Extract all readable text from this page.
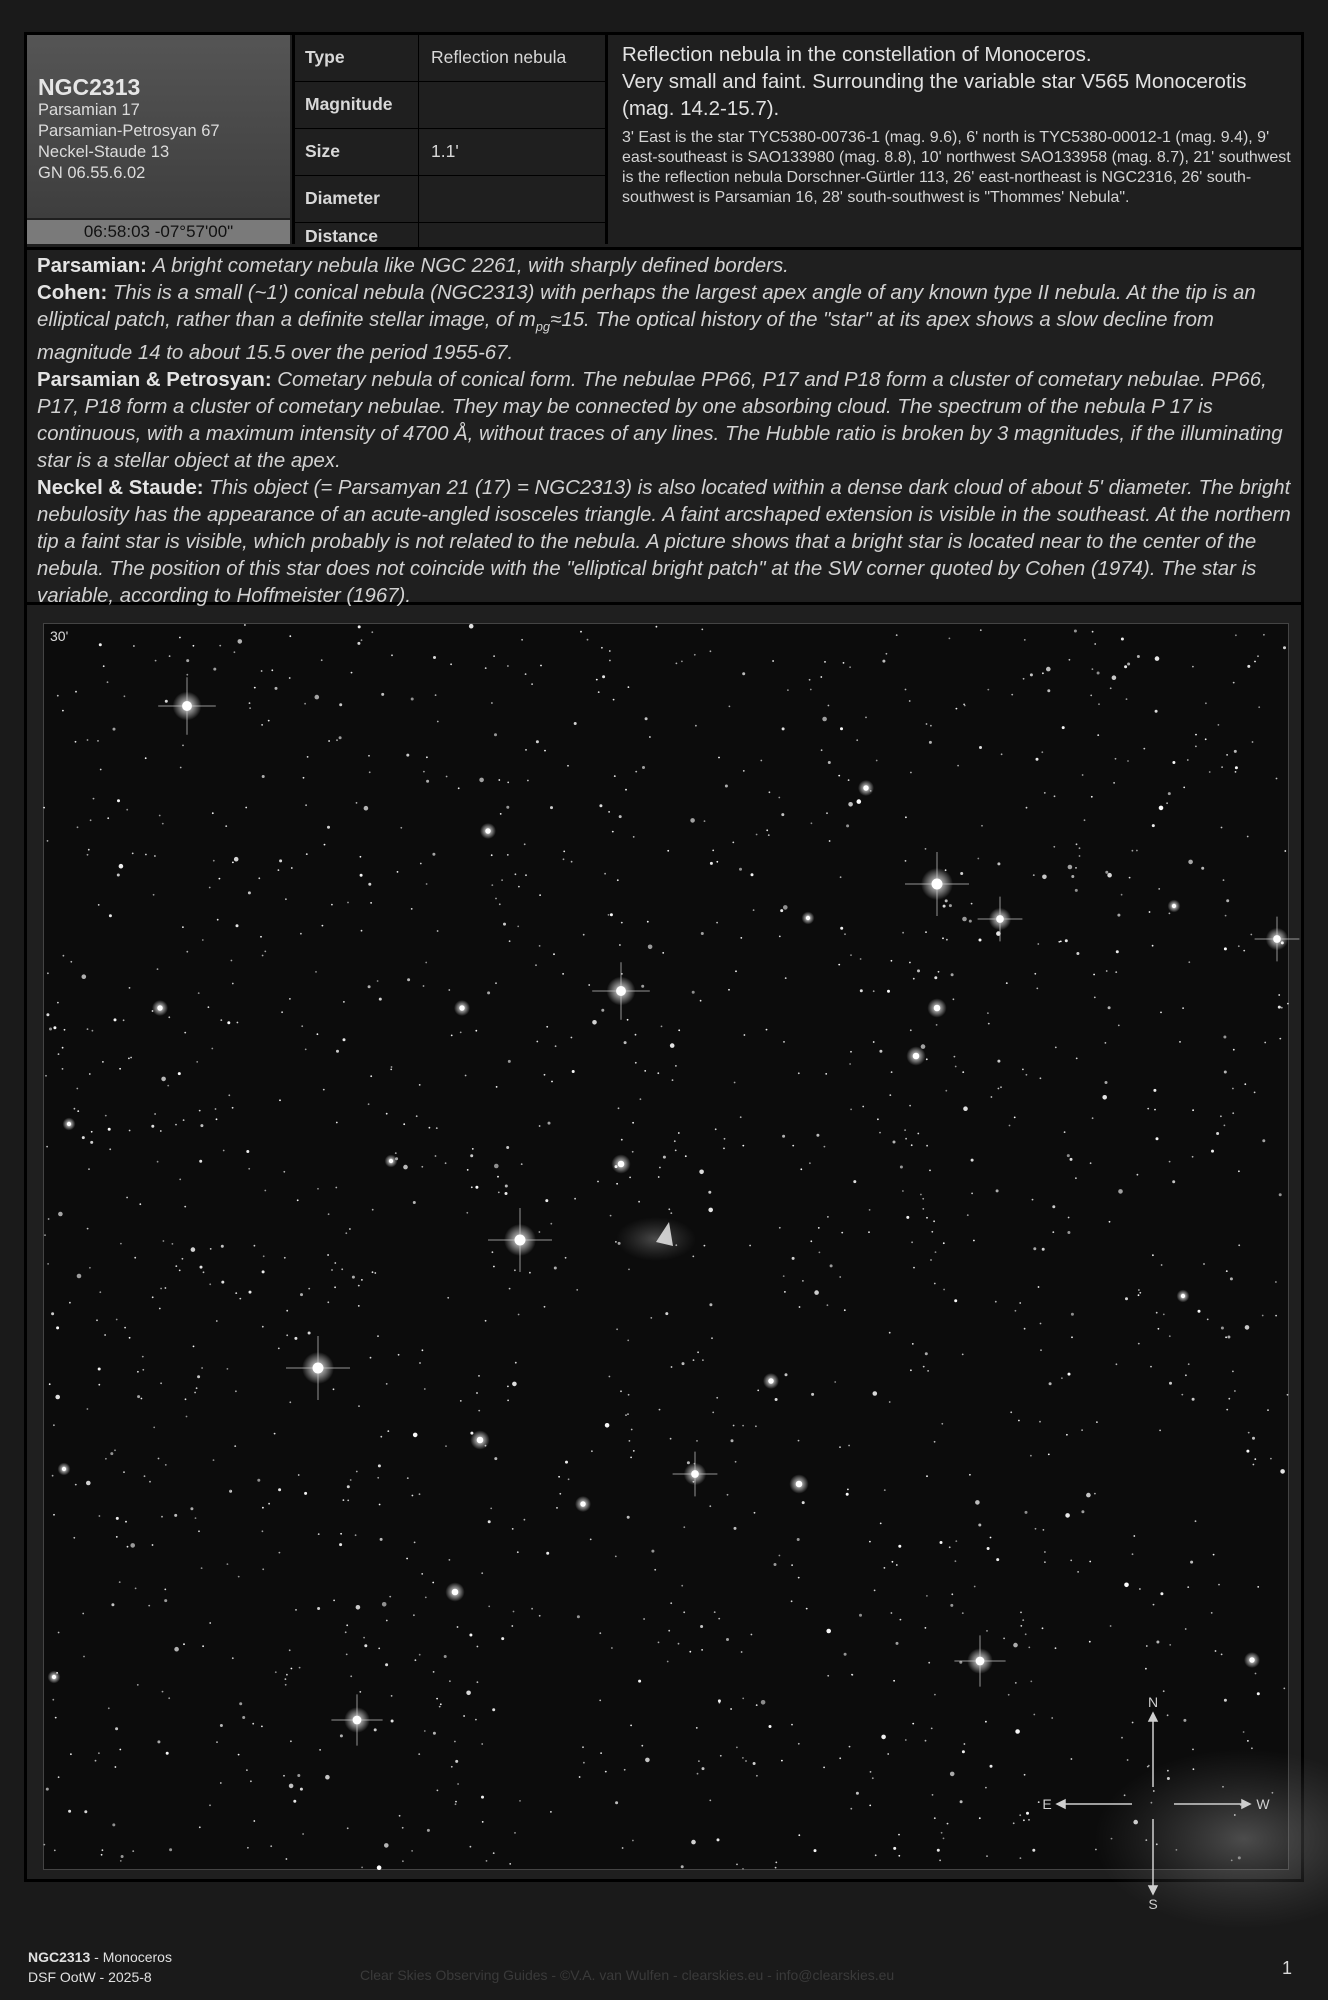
NGC2313
Parsamian 17
Parsamian-Petrosyan 67
Neckel-Staude 13
GN 06.55.6.02
06:58:03 -07°57'00"
Type	Reflection nebula
Magnitude
Size	1.1'
Diameter
Distance

Reflection nebula in the constellation of Monoceros.

Very small and faint. Surrounding the variable star V565 Monocerotis (mag. 14.2-15.7).

3' East is the star TYC5380-00736-1 (mag. 9.6), 6' north is TYC5380-00012-1 (mag. 9.4), 9' east-southeast is SAO133980 (mag. 8.8), 10' northwest SAO133958 (mag. 8.7), 21' southwest is the reflection nebula Dorschner-Gürtler 113, 26' east-northeast is NGC2316, 26' south-southwest is Parsamian 16, 28' south-southwest is "Thommes' Nebula".

Parsamian: A bright cometary nebula like NGC 2261, with sharply defined borders.

Cohen: This is a small (~1') conical nebula (NGC2313) with perhaps the largest apex angle of any known type II nebula. At the tip is an elliptical patch, rather than a definite stellar image, of $m_{pg}\approx 15$. The optical history of the "star" at its apex shows a slow decline from magnitude 14 to about 15.5 over the period 1955-67.

Parsamian & Petrosyan: Cometary nebula of conical form. The nebulae PP66, P17 and P18 form a cluster of cometary nebulae. PP66, P17, P18 form a cluster of cometary nebulae. They may be connected by one absorbing cloud. The spectrum of the nebula P 17 is continuous, with a maximum intensity of 4700 Å, without traces of any lines. The Hubble ratio is broken by 3 magnitudes, if the illuminating star is a stellar object at the apex.

Neckel & Staude: This object (= Parsamyan 21 (17) = NGC2313) is also located within a dense dark cloud of about 5' diameter. The bright nebulosity has the appearance of an acute-angled isosceles triangle. A faint arcshaped extension is visible in the southeast. At the northern tip a faint star is visible, which probably is not related to the nebula. A picture shows that a bright star is located near to the center of the nebula. The position of this star does not coincide with the "elliptical bright patch" at the SW corner quoted by Cohen (1974). The star is variable, according to Hoffmeister (1967).

N
S
E	W
30'
NGC2313 - Monoceros
DSF OotW - 2025-8	Clear Skies Observing Guides - ©V.A. van Wulfen - clearskies.eu - info@clearskies.eu	1
